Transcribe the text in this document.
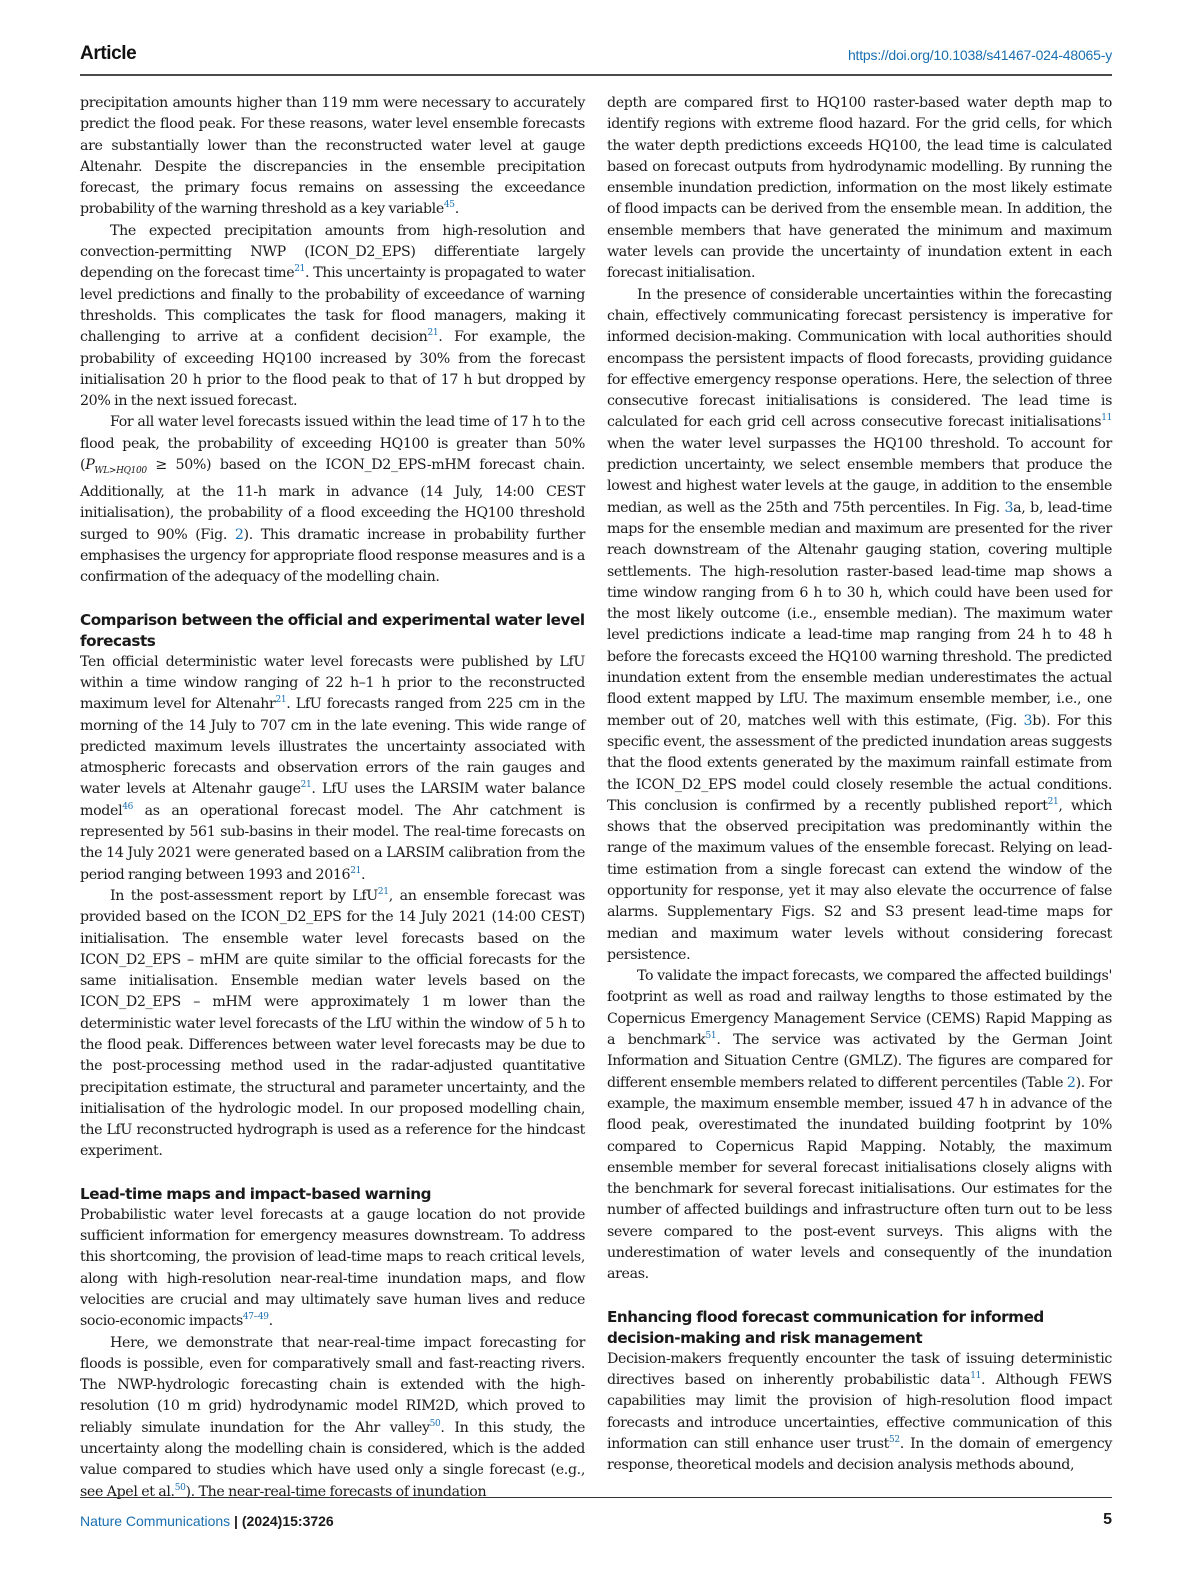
Article	https://doi.org/10.1038/s41467-024-48065-y

precipitation amounts higher than 119 mm were necessary to accurately predict the flood peak. For these reasons, water level ensemble forecasts are substantially lower than the reconstructed water level at gauge Altenahr. Despite the discrepancies in the ensemble precipitation forecast, the primary focus remains on assessing the exceedance probability of the warning threshold as a key variable$^{45}$.

The expected precipitation amounts from high-resolution and convection-permitting NWP (ICON_D2_EPS) differentiate largely depending on the forecast time$^{21}$. This uncertainty is propagated to water level predictions and finally to the probability of exceedance of warning thresholds. This complicates the task for flood managers, making it challenging to arrive at a confident decision$^{21}$. For example, the probability of exceeding HQ100 increased by 30% from the forecast initialisation 20 h prior to the flood peak to that of 17 h but dropped by 20% in the next issued forecast.

For all water level forecasts issued within the lead time of 17 h to the flood peak, the probability of exceeding HQ100 is greater than 50% $(P_{WL>HQ100} \ge 50\%)$ based on the ICON_D2_EPS-mHM forecast chain. Additionally, at the 11-h mark in advance (14 July, 14:00 CEST initialisation), the probability of a flood exceeding the HQ100 threshold surged to 90% (Fig. 2). This dramatic increase in probability further emphasises the urgency for appropriate flood response measures and is a confirmation of the adequacy of the modelling chain.

Comparison between the official and experimental water level forecasts

Ten official deterministic water level forecasts were published by LfU within a time window ranging of 22 h–1 h prior to the reconstructed maximum level for Altenahr$^{21}$. LfU forecasts ranged from 225 cm in the morning of the 14 July to 707 cm in the late evening. This wide range of predicted maximum levels illustrates the uncertainty associated with atmospheric forecasts and observation errors of the rain gauges and water levels at Altenahr gauge$^{21}$. LfU uses the LARSIM water balance model$^{46}$ as an operational forecast model. The Ahr catchment is represented by 561 sub-basins in their model. The real-time forecasts on the 14 July 2021 were generated based on a LARSIM calibration from the period ranging between 1993 and 2016$^{21}$.

In the post-assessment report by LfU$^{21}$, an ensemble forecast was provided based on the ICON_D2_EPS for the 14 July 2021 (14:00 CEST) initialisation. The ensemble water level forecasts based on the ICON_D2_EPS – mHM are quite similar to the official forecasts for the same initialisation. Ensemble median water levels based on the ICON_D2_EPS – mHM were approximately 1 m lower than the deterministic water level forecasts of the LfU within the window of 5 h to the flood peak. Differences between water level forecasts may be due to the post-processing method used in the radar-adjusted quantitative precipitation estimate, the structural and parameter uncertainty, and the initialisation of the hydrologic model. In our proposed modelling chain, the LfU reconstructed hydrograph is used as a reference for the hindcast experiment.

Lead-time maps and impact-based warning

Probabilistic water level forecasts at a gauge location do not provide sufficient information for emergency measures downstream. To address this shortcoming, the provision of lead-time maps to reach critical levels, along with high-resolution near-real-time inundation maps, and flow velocities are crucial and may ultimately save human lives and reduce socio-economic impacts$^{47-49}$.

Here, we demonstrate that near-real-time impact forecasting for floods is possible, even for comparatively small and fast-reacting rivers. The NWP-hydrologic forecasting chain is extended with the high-resolution (10 m grid) hydrodynamic model RIM2D, which proved to reliably simulate inundation for the Ahr valley$^{50}$. In this study, the uncertainty along the modelling chain is considered, which is the added value compared to studies which have used only a single forecast (e.g., see Apel et al.$^{50}$). The near-real-time forecasts of inundation

depth are compared first to HQ100 raster-based water depth map to identify regions with extreme flood hazard. For the grid cells, for which the water depth predictions exceeds HQ100, the lead time is calculated based on forecast outputs from hydrodynamic modelling. By running the ensemble inundation prediction, information on the most likely estimate of flood impacts can be derived from the ensemble mean. In addition, the ensemble members that have generated the minimum and maximum water levels can provide the uncertainty of inundation extent in each forecast initialisation.

In the presence of considerable uncertainties within the forecasting chain, effectively communicating forecast persistency is imperative for informed decision-making. Communication with local authorities should encompass the persistent impacts of flood forecasts, providing guidance for effective emergency response operations. Here, the selection of three consecutive forecast initialisations is considered. The lead time is calculated for each grid cell across consecutive forecast initialisations$^{11}$ when the water level surpasses the HQ100 threshold. To account for prediction uncertainty, we select ensemble members that produce the lowest and highest water levels at the gauge, in addition to the ensemble median, as well as the 25th and 75th percentiles. In Fig. 3a, b, lead-time maps for the ensemble median and maximum are presented for the river reach downstream of the Altenahr gauging station, covering multiple settlements. The high-resolution raster-based lead-time map shows a time window ranging from 6 h to 30 h, which could have been used for the most likely outcome (i.e., ensemble median). The maximum water level predictions indicate a lead-time map ranging from 24 h to 48 h before the forecasts exceed the HQ100 warning threshold. The predicted inundation extent from the ensemble median underestimates the actual flood extent mapped by LfU. The maximum ensemble member, i.e., one member out of 20, matches well with this estimate, (Fig. 3b). For this specific event, the assessment of the predicted inundation areas suggests that the flood extents generated by the maximum rainfall estimate from the ICON_D2_EPS model could closely resemble the actual conditions. This conclusion is confirmed by a recently published report$^{21}$, which shows that the observed precipitation was predominantly within the range of the maximum values of the ensemble forecast. Relying on lead-time estimation from a single forecast can extend the window of the opportunity for response, yet it may also elevate the occurrence of false alarms. Supplementary Figs. S2 and S3 present lead-time maps for median and maximum water levels without considering forecast persistence.

To validate the impact forecasts, we compared the affected buildings' footprint as well as road and railway lengths to those estimated by the Copernicus Emergency Management Service (CEMS) Rapid Mapping as a benchmark$^{51}$. The service was activated by the German Joint Information and Situation Centre (GMLZ). The figures are compared for different ensemble members related to different percentiles (Table 2). For example, the maximum ensemble member, issued 47 h in advance of the flood peak, overestimated the inundated building footprint by 10% compared to Copernicus Rapid Mapping. Notably, the maximum ensemble member for several forecast initialisations closely aligns with the benchmark for several forecast initialisations. Our estimates for the number of affected buildings and infrastructure often turn out to be less severe compared to the post-event surveys. This aligns with the underestimation of water levels and consequently of the inundation areas.

Enhancing flood forecast communication for informed decision-making and risk management

Decision-makers frequently encounter the task of issuing deterministic directives based on inherently probabilistic data$^{11}$. Although FEWS capabilities may limit the provision of high-resolution flood impact forecasts and introduce uncertainties, effective communication of this information can still enhance user trust$^{52}$. In the domain of emergency response, theoretical models and decision analysis methods abound,

Nature Communications | (2024)15:3726	5
